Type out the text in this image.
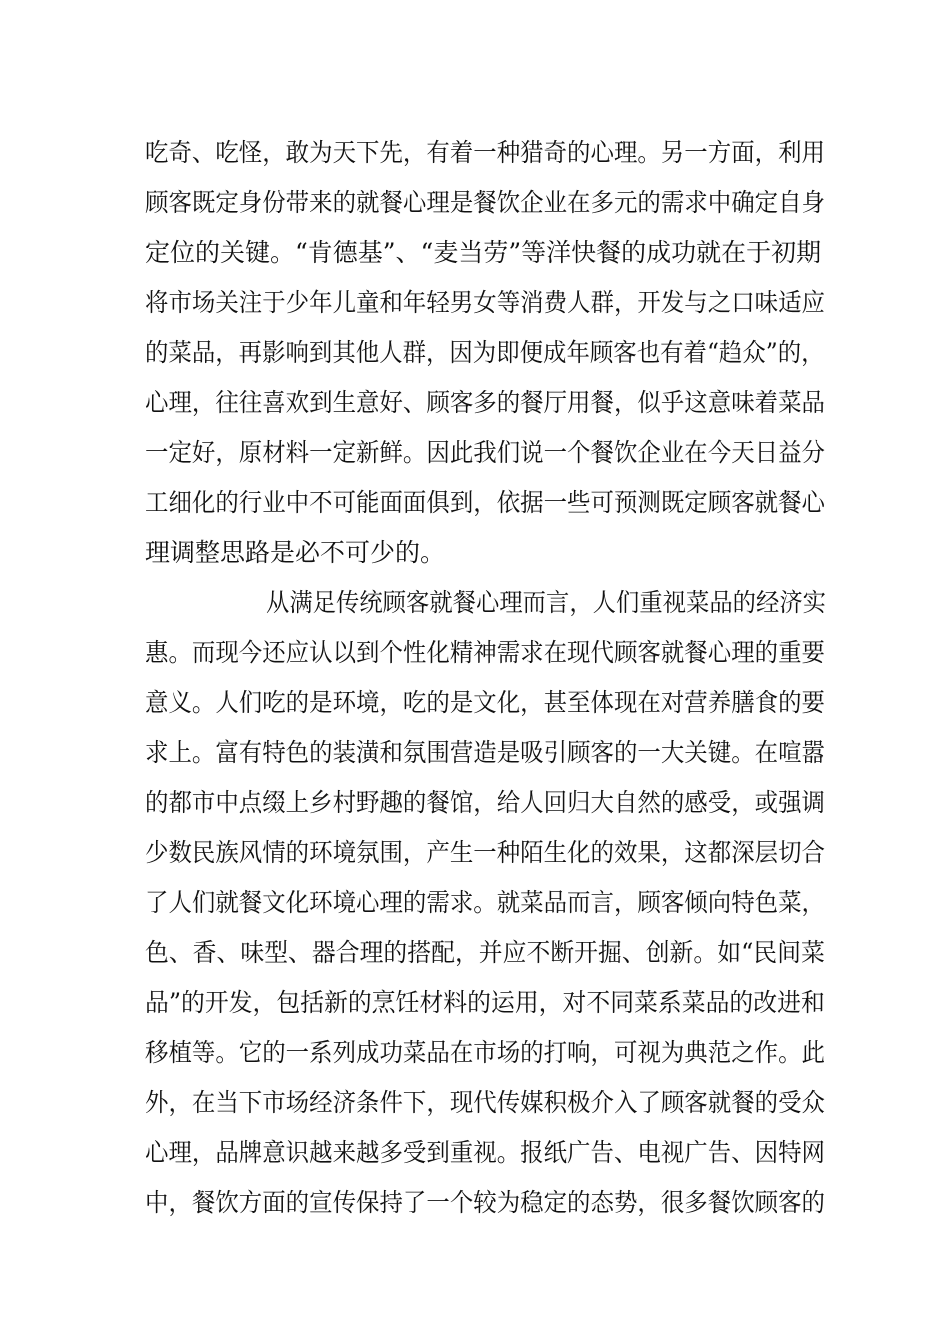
吃奇、吃怪，敢为天下先，有着一种猎奇的心理。另一方面，利用
顾客既定身份带来的就餐心理是餐饮企业在多元的需求中确定自身
定位的关键。“肯德基”、“麦当劳”等洋快餐的成功就在于初期
将市场关注于少年儿童和年轻男女等消费人群，开发与之口味适应
的菜品，再影响到其他人群，因为即便成年顾客也有着“趋众”的，
心理，往往喜欢到生意好、顾客多的餐厅用餐，似乎这意味着菜品
一定好，原材料一定新鲜。因此我们说一个餐饮企业在今天日益分
工细化的行业中不可能面面俱到，依据一些可预测既定顾客就餐心
理调整思路是必不可少的。
从满足传统顾客就餐心理而言，人们重视菜品的经济实
惠。而现今还应认以到个性化精神需求在现代顾客就餐心理的重要
意义。人们吃的是环境，吃的是文化，甚至体现在对营养膳食的要
求上。富有特色的装潢和氛围营造是吸引顾客的一大关键。在喧嚣
的都市中点缀上乡村野趣的餐馆，给人回归大自然的感受，或强调
少数民族风情的环境氛围，产生一种陌生化的效果，这都深层切合
了人们就餐文化环境心理的需求。就菜品而言，顾客倾向特色菜，
色、香、味型、器合理的搭配，并应不断开掘、创新。如“民间菜
品”的开发，包括新的烹饪材料的运用，对不同菜系菜品的改进和
移植等。它的一系列成功菜品在市场的打响，可视为典范之作。此
外，在当下市场经济条件下，现代传媒积极介入了顾客就餐的受众
心理，品牌意识越来越多受到重视。报纸广告、电视广告、因特网
中，餐饮方面的宣传保持了一个较为稳定的态势，很多餐饮顾客的
